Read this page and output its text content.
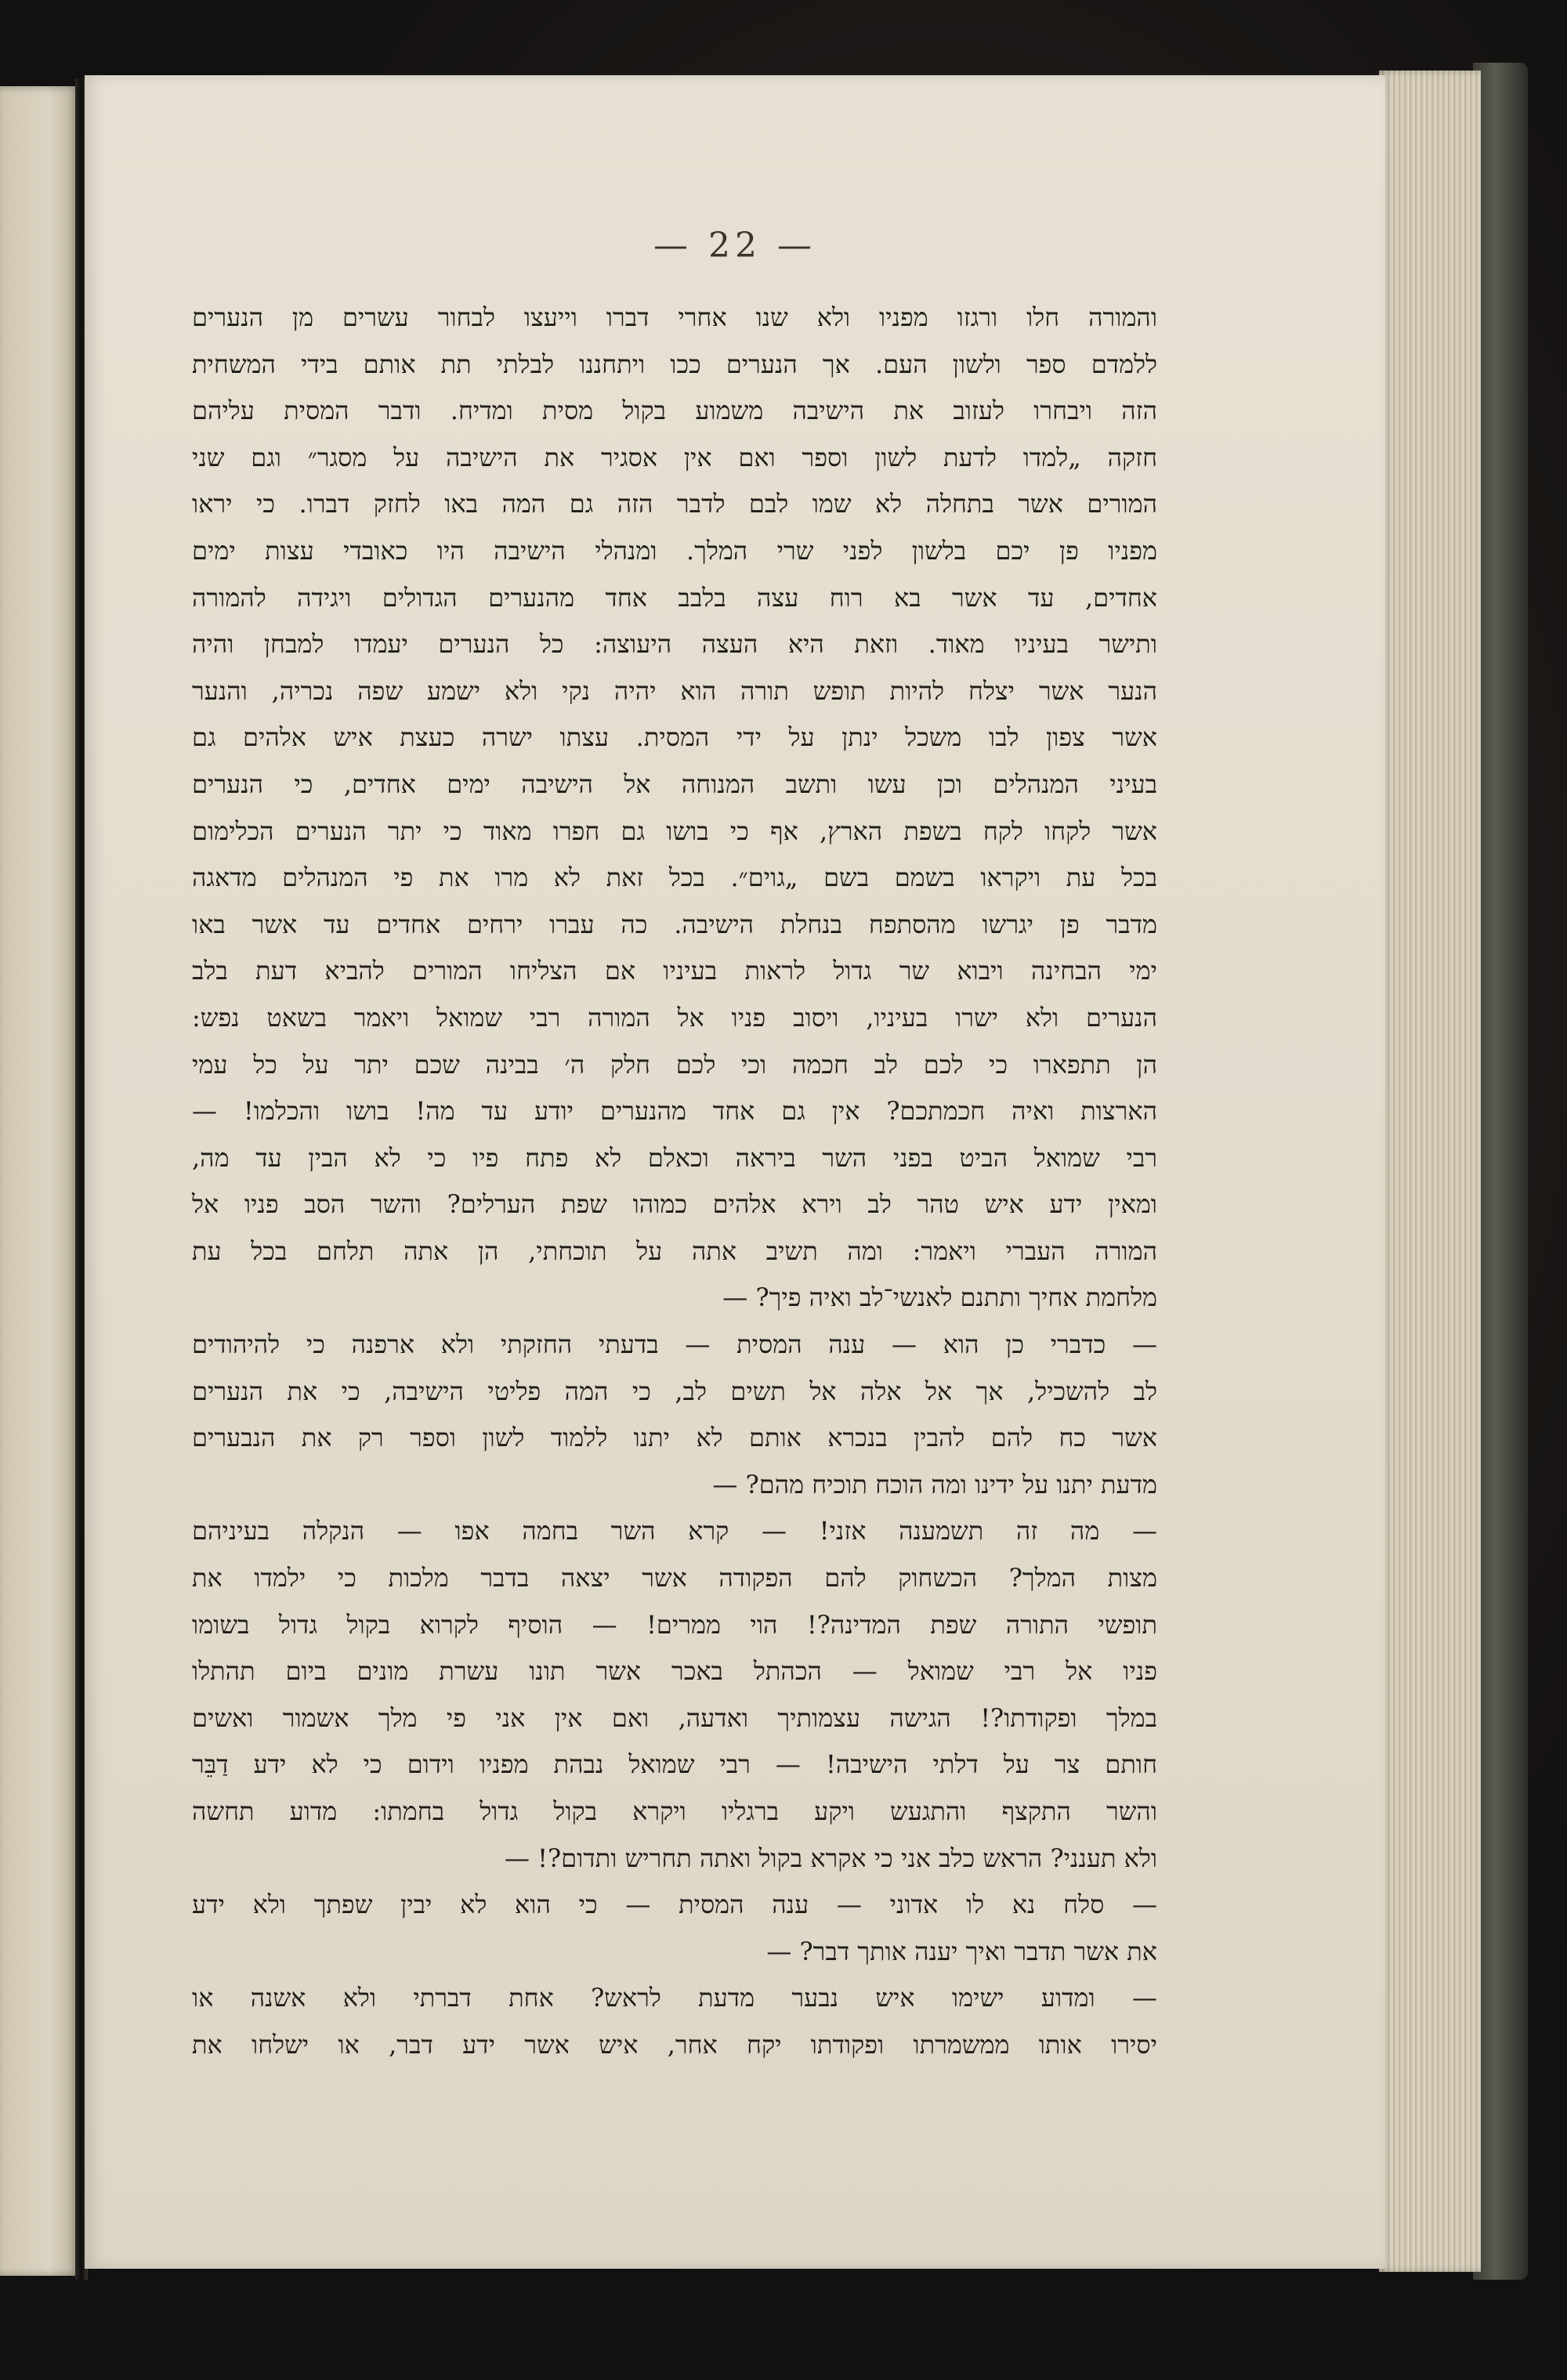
— 22 —
והמורה חלו ורגזו מפניו ולא שנו אחרי דברו וייעצו לבחור עשרים מן הנערים
ללמדם ספר ולשון העם. אך הנערים ככו ויתחננו לבלתי תת אותם בידי המשחית
הזה ויבחרו לעזוב את הישיבה משמוע בקול מסית ומדיח. ודבר המסית עליהם
חזקה „למדו לדעת לשון וספר ואם אין אסגיר את הישיבה על מסגר״ וגם שני
המורים אשר בתחלה לא שמו לבם לדבר הזה גם המה באו לחזק דברו. כי יראו
מפניו פן יכם בלשון לפני שרי המלך. ומנהלי הישיבה היו כאובדי עצות ימים
אחדים, עד אשר בא רוח עצה בלבב אחד מהנערים הגדולים ויגידה להמורה
ותישר בעיניו מאוד. וזאת היא העצה היעוצה: כל הנערים יעמדו למבחן והיה
הנער אשר יצלח להיות תופש תורה הוא יהיה נקי ולא ישמע שפה נכריה, והנער
אשר צפון לבו משכל ינתן על ידי המסית. עצתו ישרה כעצת איש אלהים גם
בעיני המנהלים וכן עשו ותשב המנוחה אל הישיבה ימים אחדים, כי הנערים
אשר לקחו לקח בשפת הארץ, אף כי בושו גם חפרו מאוד כי יתר הנערים הכלימום
בכל עת ויקראו בשמם בשם „גוים״. בכל זאת לא מרו את פי המנהלים מדאגה
מדבר פן יגרשו מהסתפח בנחלת הישיבה. כה עברו ירחים אחדים עד אשר באו
ימי הבחינה ויבוא שר גדול לראות בעיניו אם הצליחו המורים להביא דעת בלב
הנערים ולא ישרו בעיניו, ויסוב פניו אל המורה רבי שמואל ויאמר בשאט נפש:
הן תתפארו כי לכם לב חכמה וכי לכם חלק ה׳ בבינה שכם יתר על כל עמי
הארצות ואיה חכמתכם? אין גם אחד מהנערים יודע עד מה! בושו והכלמו! —
רבי שמואל הביט בפני השר ביראה וכאלם לא פתח פיו כי לא הבין עד מה,
ומאין ידע איש טהר לב וירא אלהים כמוהו שפת הערלים? והשר הסב פניו אל
המורה העברי ויאמר: ומה תשיב אתה על תוכחתי, הן אתה תלחם בכל עת
מלחמת אחיך ותתנם לאנשי־לב ואיה פיך? —
— כדברי כן הוא — ענה המסית — בדעתי החזקתי ולא ארפנה כי להיהודים
לב להשכיל, אך אל אלה אל תשים לב, כי המה פליטי הישיבה, כי את הנערים
אשר כח להם להבין בנכרא אותם לא יתנו ללמוד לשון וספר רק את הנבערים
מדעת יתנו על ידינו ומה הוכח תוכיח מהם? —
— מה זה תשמענה אזני! — קרא השר בחמה אפו — הנקלה בעיניהם
מצות המלך? הכשחוק להם הפקודה אשר יצאה בדבר מלכות כי ילמדו את
תופשי התורה שפת המדינה?! הוי ממרים! — הוסיף לקרוא בקול גדול בשומו
פניו אל רבי שמואל — הכהתל באכר אשר תונו עשרת מונים ביום תהתלו
במלך ופקודתו?! הגישה עצמותיך ואדעה, ואם אין אני פי מלך אשמור ואשים
חותם צר על דלתי הישיבה! — רבי שמואל נבהת מפניו וידום כי לא ידע דַבֵּר
והשר התקצף והתגעש ויקע ברגליו ויקרא בקול גדול בחמתו: מדוע תחשה
ולא תענני? הראש כלב אני כי אקרא בקול ואתה תחריש ותדום?! —
— סלח נא לו אדוני — ענה המסית — כי הוא לא יבין שפתך ולא ידע
את אשר תדבר ואיך יענה אותך דבר? —
— ומדוע ישימו איש נבער מדעת לראש? אחת דברתי ולא אשנה או
יסירו אותו ממשמרתו ופקודתו יקח אחר, איש אשר ידע דבר, או ישלחו את
